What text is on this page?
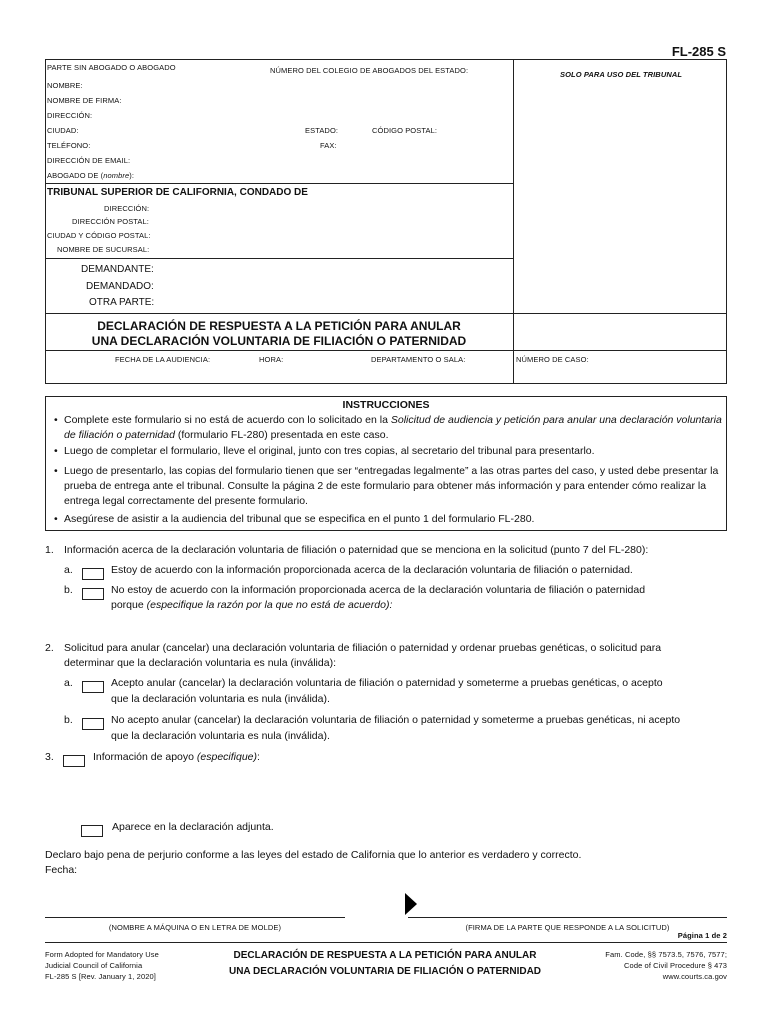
FL-285 S
PARTE SIN ABOGADO O ABOGADO	NÚMERO DEL COLEGIO DE ABOGADOS DEL ESTADO:	SOLO PARA USO DEL TRIBUNAL
NOMBRE:
NOMBRE DE FIRMA:
DIRECCIÓN:
CIUDAD:	ESTADO:	CÓDIGO POSTAL:
TELÉFONO:	FAX:
DIRECCIÓN DE EMAIL:
ABOGADO DE (nombre):
TRIBUNAL SUPERIOR DE CALIFORNIA, CONDADO DE
DIRECCIÓN:
DIRECCIÓN POSTAL:
CIUDAD Y CÓDIGO POSTAL:
NOMBRE DE SUCURSAL:
DEMANDANTE:
DEMANDADO:
OTRA PARTE:
DECLARACIÓN DE RESPUESTA A LA PETICIÓN PARA ANULAR
UNA DECLARACIÓN VOLUNTARIA DE FILIACIÓN O PATERNIDAD
FECHA DE LA AUDIENCIA:	HORA:	DEPARTAMENTO O SALA:	NÚMERO DE CASO:
INSTRUCCIONES
• Complete este formulario si no está de acuerdo con lo solicitado en la Solicitud de audiencia y petición para anular una declaración voluntaria de filiación o paternidad (formulario FL-280) presentada en este caso.
• Luego de completar el formulario, lleve el original, junto con tres copias, al secretario del tribunal para presentarlo.
• Luego de presentarlo, las copias del formulario tienen que ser “entregadas legalmente” a las otras partes del caso, y usted debe presentar la prueba de entrega ante el tribunal. Consulte la página 2 de este formulario para obtener más información y para entender cómo realizar la entrega legal correctamente del presente formulario.
• Asegúrese de asistir a la audiencia del tribunal que se especifica en el punto 1 del formulario FL-280.
1. Información acerca de la declaración voluntaria de filiación o paternidad que se menciona en la solicitud (punto 7 del FL-280):
a.	Estoy de acuerdo con la información proporcionada acerca de la declaración voluntaria de filiación o paternidad.
b.	No estoy de acuerdo con la información proporcionada acerca de la declaración voluntaria de filiación o paternidad
porque (especifique la razón por la que no está de acuerdo):
2. Solicitud para anular (cancelar) una declaración voluntaria de filiación o paternidad y ordenar pruebas genéticas, o solicitud para
determinar que la declaración voluntaria es nula (inválida):
a.	Acepto anular (cancelar) la declaración voluntaria de filiación o paternidad y someterme a pruebas genéticas, o acepto
que la declaración voluntaria es nula (inválida).
b.	No acepto anular (cancelar) la declaración voluntaria de filiación o paternidad y someterme a pruebas genéticas, ni acepto
que la declaración voluntaria es nula (inválida).
3.	Información de apoyo (especifique):
Aparece en la declaración adjunta.
Declaro bajo pena de perjurio conforme a las leyes del estado de California que lo anterior es verdadero y correcto.
Fecha:
(NOMBRE A MÁQUINA O EN LETRA DE MOLDE)	(FIRMA DE LA PARTE QUE RESPONDE A LA SOLICITUD)
Página 1 de 2
Form Adopted for Mandatory Use
Judicial Council of California
FL-285 S [Rev. January 1, 2020]
DECLARACIÓN DE RESPUESTA A LA PETICIÓN PARA ANULAR
UNA DECLARACIÓN VOLUNTARIA DE FILIACIÓN O PATERNIDAD
Fam. Code, §§ 7573.5, 7576, 7577;
Code of Civil Procedure § 473
www.courts.ca.gov
